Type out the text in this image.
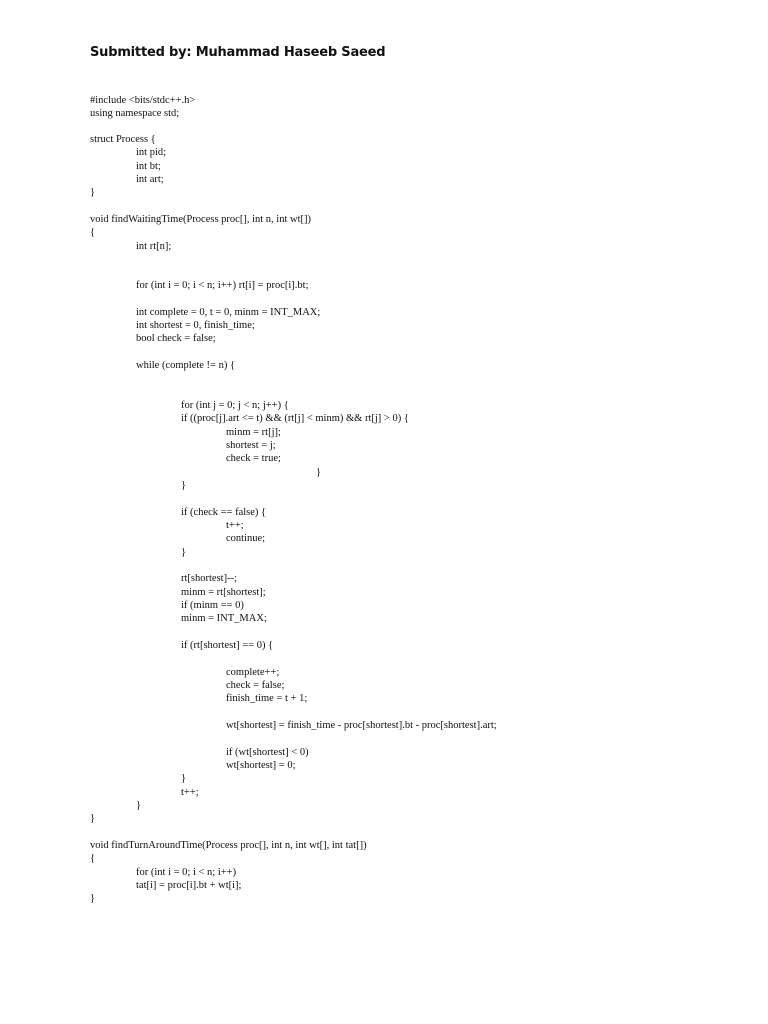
Submitted by: Muhammad Haseeb Saeed
#include <bits/stdc++.h>
using namespace std;
struct Process {
int pid;
int bt;
int art;
}
void findWaitingTime(Process proc[], int n, int wt[])
{
int rt[n];
for (int i = 0; i < n; i++) rt[i] = proc[i].bt;
int complete = 0, t = 0, minm = INT_MAX;
int shortest = 0, finish_time;
bool check = false;
while (complete != n) {
for (int j = 0; j < n; j++) {
if ((proc[j].art <= t) && (rt[j] < minm) && rt[j] > 0) {
minm = rt[j];
shortest = j;
check = true;
}
}
if (check == false) {
t++;
continue;
}
rt[shortest]--;
minm = rt[shortest];
if (minm == 0)
minm = INT_MAX;
if (rt[shortest] == 0) {
complete++;
check = false;
finish_time = t + 1;
wt[shortest] = finish_time - proc[shortest].bt - proc[shortest].art;
if (wt[shortest] < 0)
wt[shortest] = 0;
}
t++;
}
}
void findTurnAroundTime(Process proc[], int n, int wt[], int tat[])
{
for (int i = 0; i < n; i++)
tat[i] = proc[i].bt + wt[i];
}
